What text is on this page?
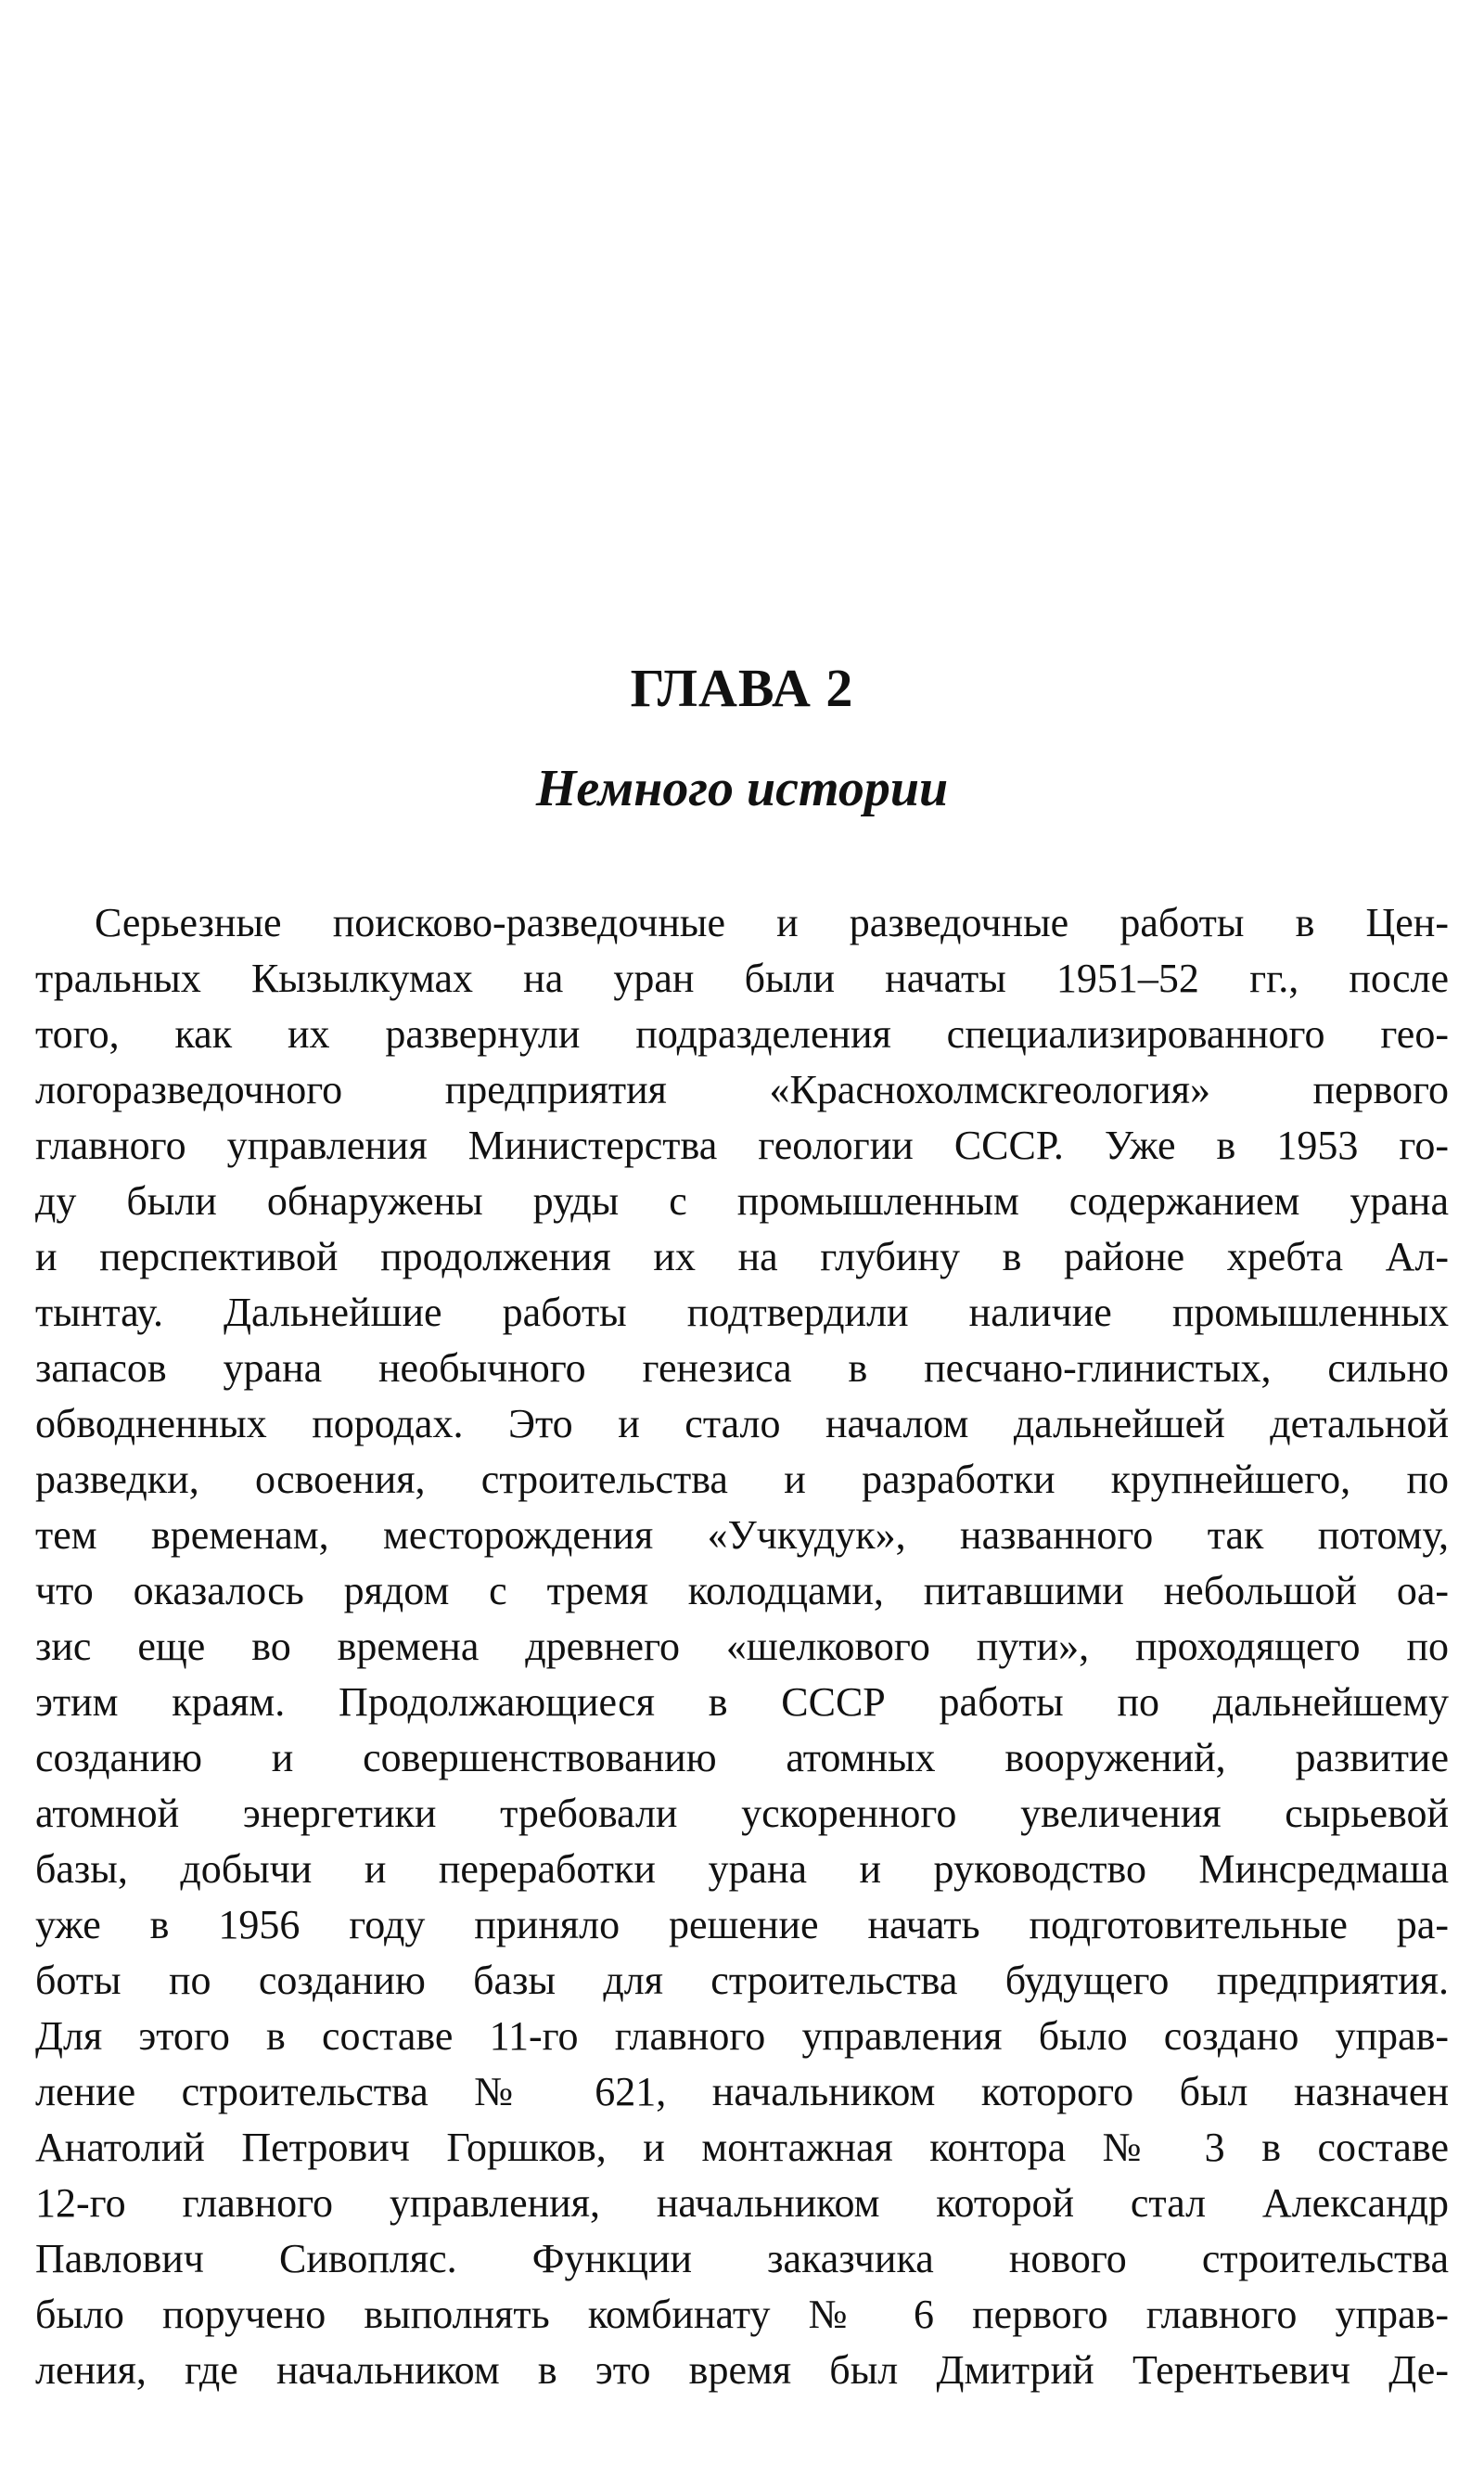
ГЛАВА 2
Немного истории
Серьезные поисково-разведочные и разведочные работы в Цен-
тральных Кызылкумах на уран были начаты 1951–52 гг., после
того, как их развернули подразделения специализированного гео-
логоразведочного предприятия «Краснохолмскгеология» первого
главного управления Министерства геологии СССР. Уже в 1953 го-
ду были обнаружены руды с промышленным содержанием урана
и перспективой продолжения их на глубину в районе хребта Ал-
тынтау. Дальнейшие работы подтвердили наличие промышленных
запасов урана необычного генезиса в песчано-глинистых, сильно
обводненных породах. Это и стало началом дальнейшей детальной
разведки, освоения, строительства и разработки крупнейшего, по
тем временам, месторождения «Учкудук», названного так потому,
что оказалось рядом с тремя колодцами, питавшими небольшой оа-
зис еще во времена древнего «шелкового пути», проходящего по
этим краям. Продолжающиеся в СССР работы по дальнейшему
созданию и совершенствованию атомных вооружений, развитие
атомной энергетики требовали ускоренного увеличения сырьевой
базы, добычи и переработки урана и руководство Минсредмаша
уже в 1956 году приняло решение начать подготовительные ра-
боты по созданию базы для строительства будущего предприятия.
Для этого в составе 11-го главного управления было создано управ-
ление строительства № 621, начальником которого был назначен
Анатолий Петрович Горшков, и монтажная контора № 3 в составе
12-го главного управления, начальником которой стал Александр
Павлович Сивопляс. Функции заказчика нового строительства
было поручено выполнять комбинату № 6 первого главного управ-
ления, где начальником в это время был Дмитрий Терентьевич Де-
